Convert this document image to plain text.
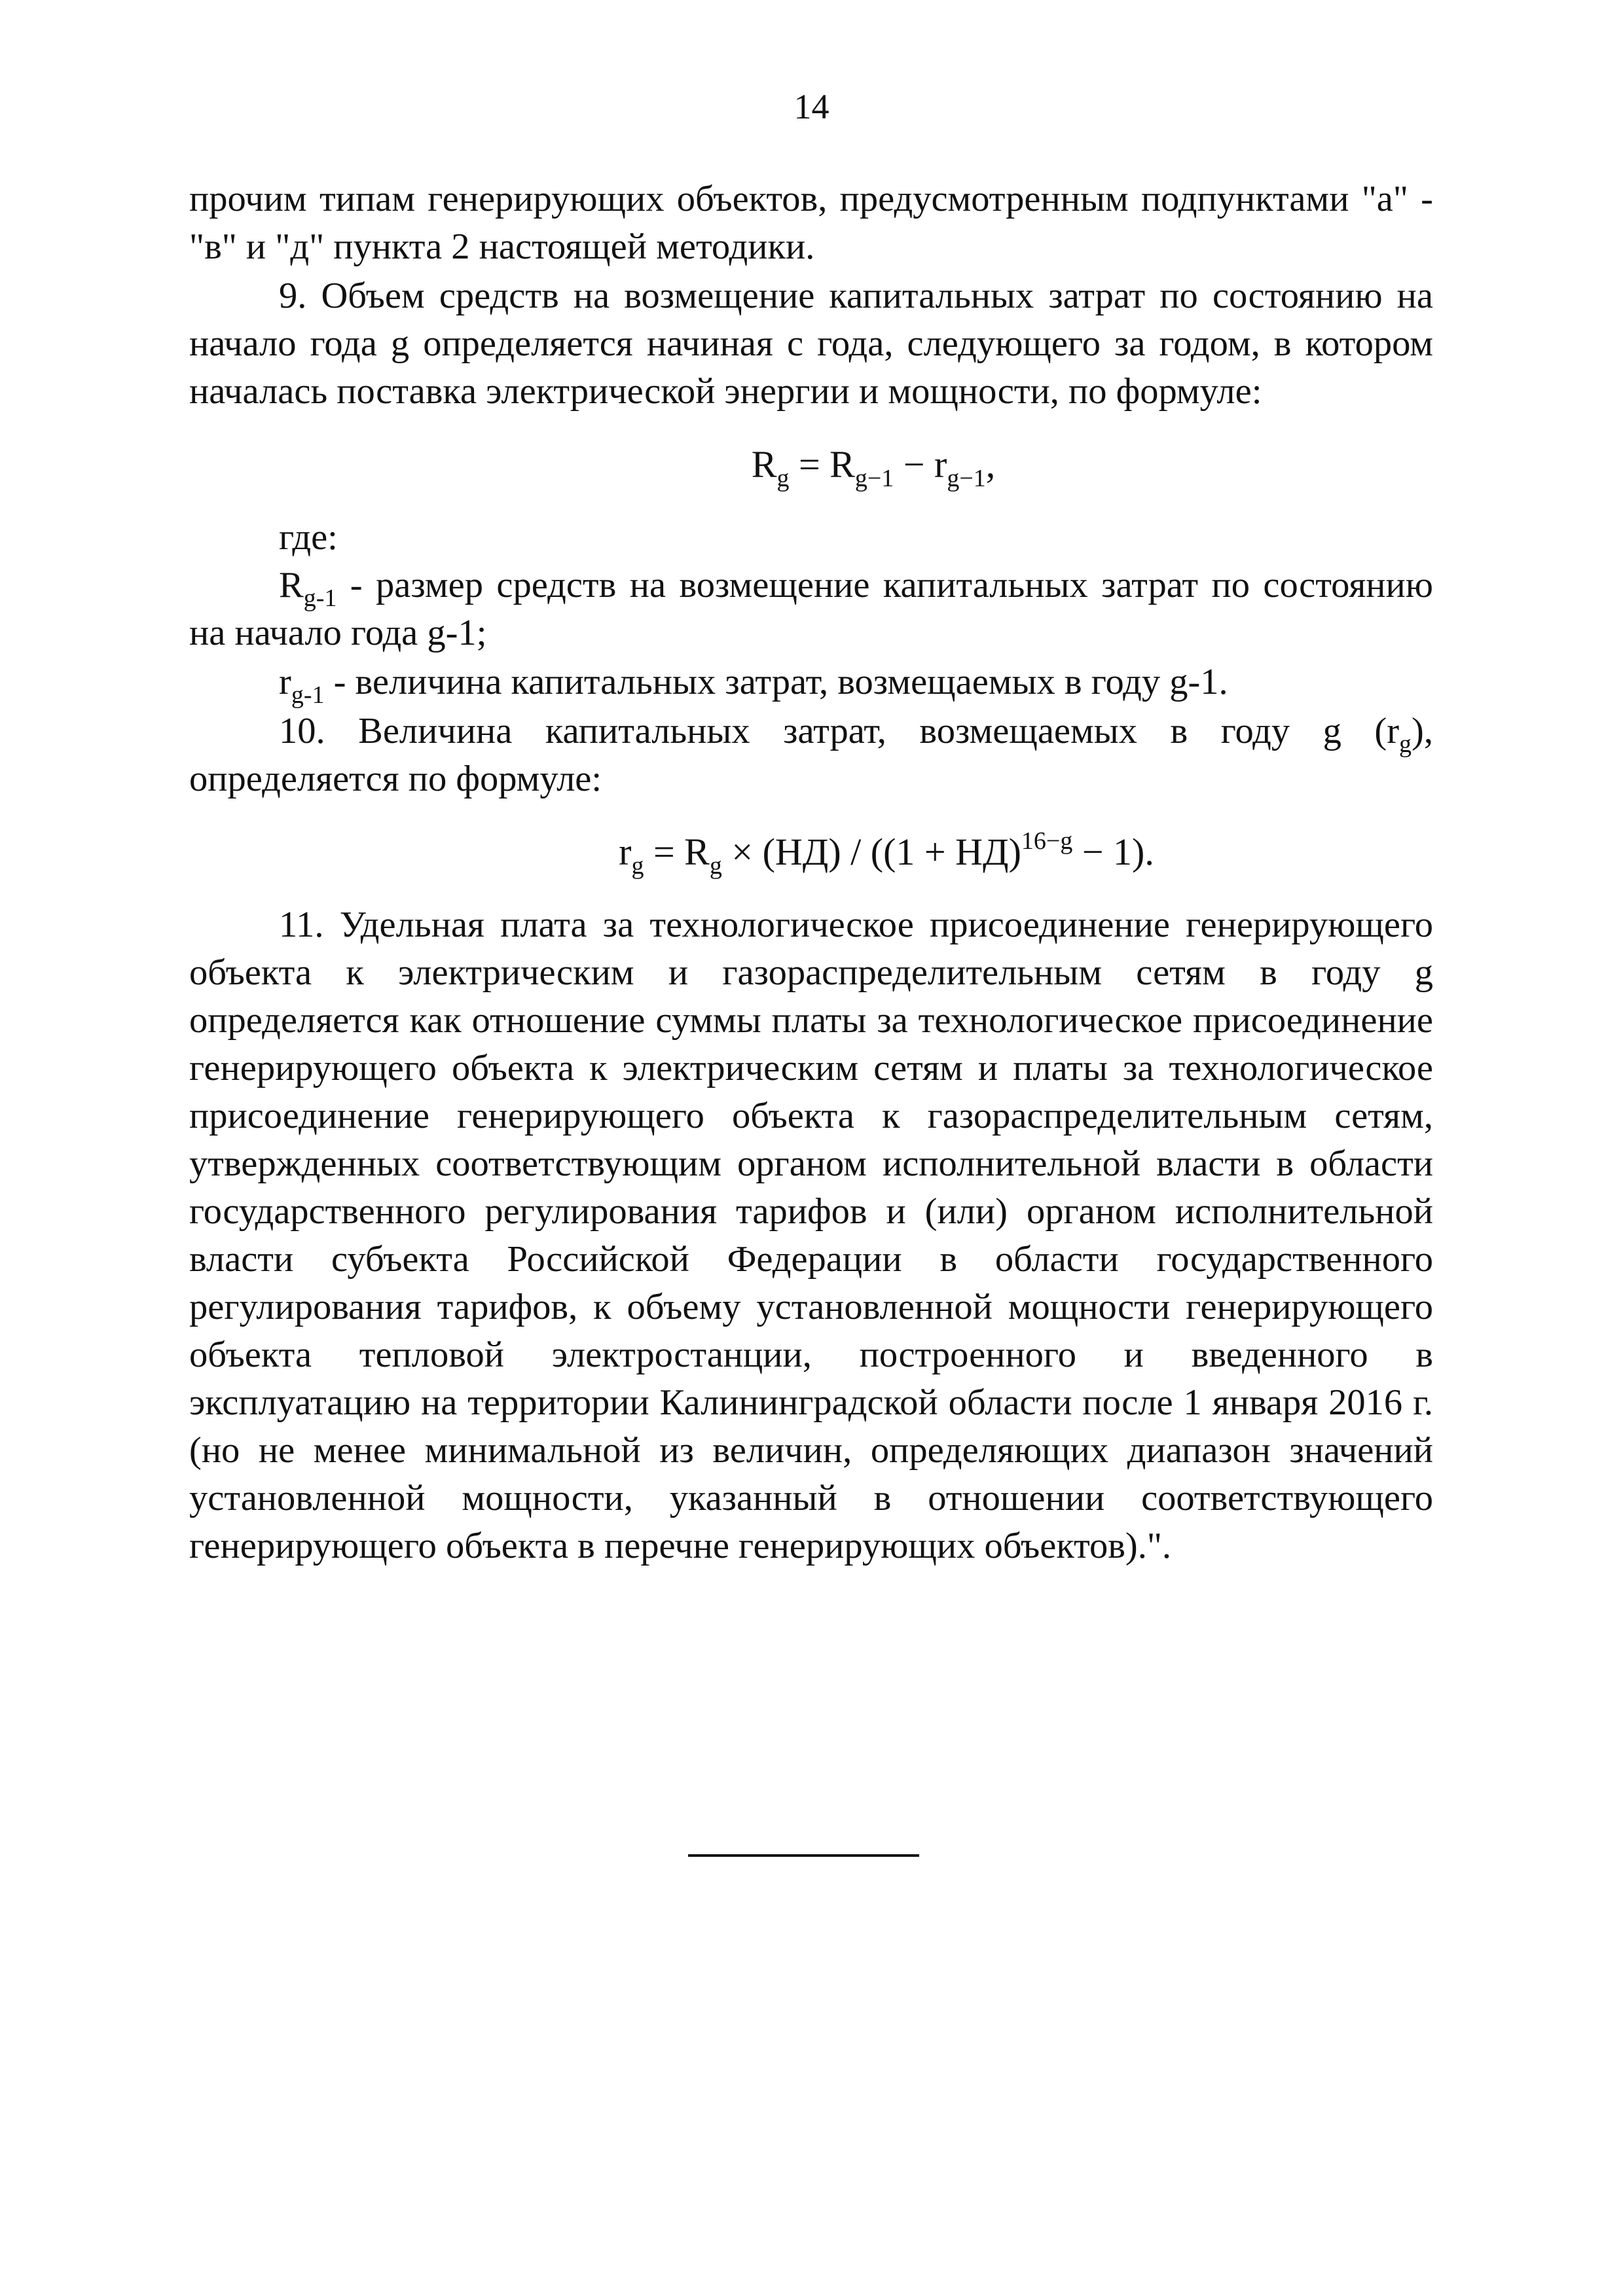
14

прочим типам генерирующих объектов, предусмотренным подпунктами "а" - "в" и "д" пункта 2 настоящей методики.

9. Объем средств на возмещение капитальных затрат по состоянию на начало года g определяется начиная с года, следующего за годом, в котором началась поставка электрической энергии и мощности, по формуле:

$R_g = R_{g-1} - r_{g-1}$,

где:

$R_{g-1}$ - размер средств на возмещение капитальных затрат по состоянию на начало года g-1;

$r_{g-1}$ - величина капитальных затрат, возмещаемых в году g-1.

10. Величина капитальных затрат, возмещаемых в году g $(r_g)$, определяется по формуле:

$r_g = R_g \times (НД) / ((1 + НД)^{16-g} - 1)$.

11. Удельная плата за технологическое присоединение генерирующего объекта к электрическим и газораспределительным сетям в году g определяется как отношение суммы платы за технологическое присоединение генерирующего объекта к электрическим сетям и платы за технологическое присоединение генерирующего объекта к газораспределительным сетям, утвержденных соответствующим органом исполнительной власти в области государственного регулирования тарифов и (или) органом исполнительной власти субъекта Российской Федерации в области государственного регулирования тарифов, к объему установленной мощности генерирующего объекта тепловой электростанции, построенного и введенного в эксплуатацию на территории Калининградской области после 1 января 2016 г. (но не менее минимальной из величин, определяющих диапазон значений установленной мощности, указанный в отношении соответствующего генерирующего объекта в перечне генерирующих объектов).".
